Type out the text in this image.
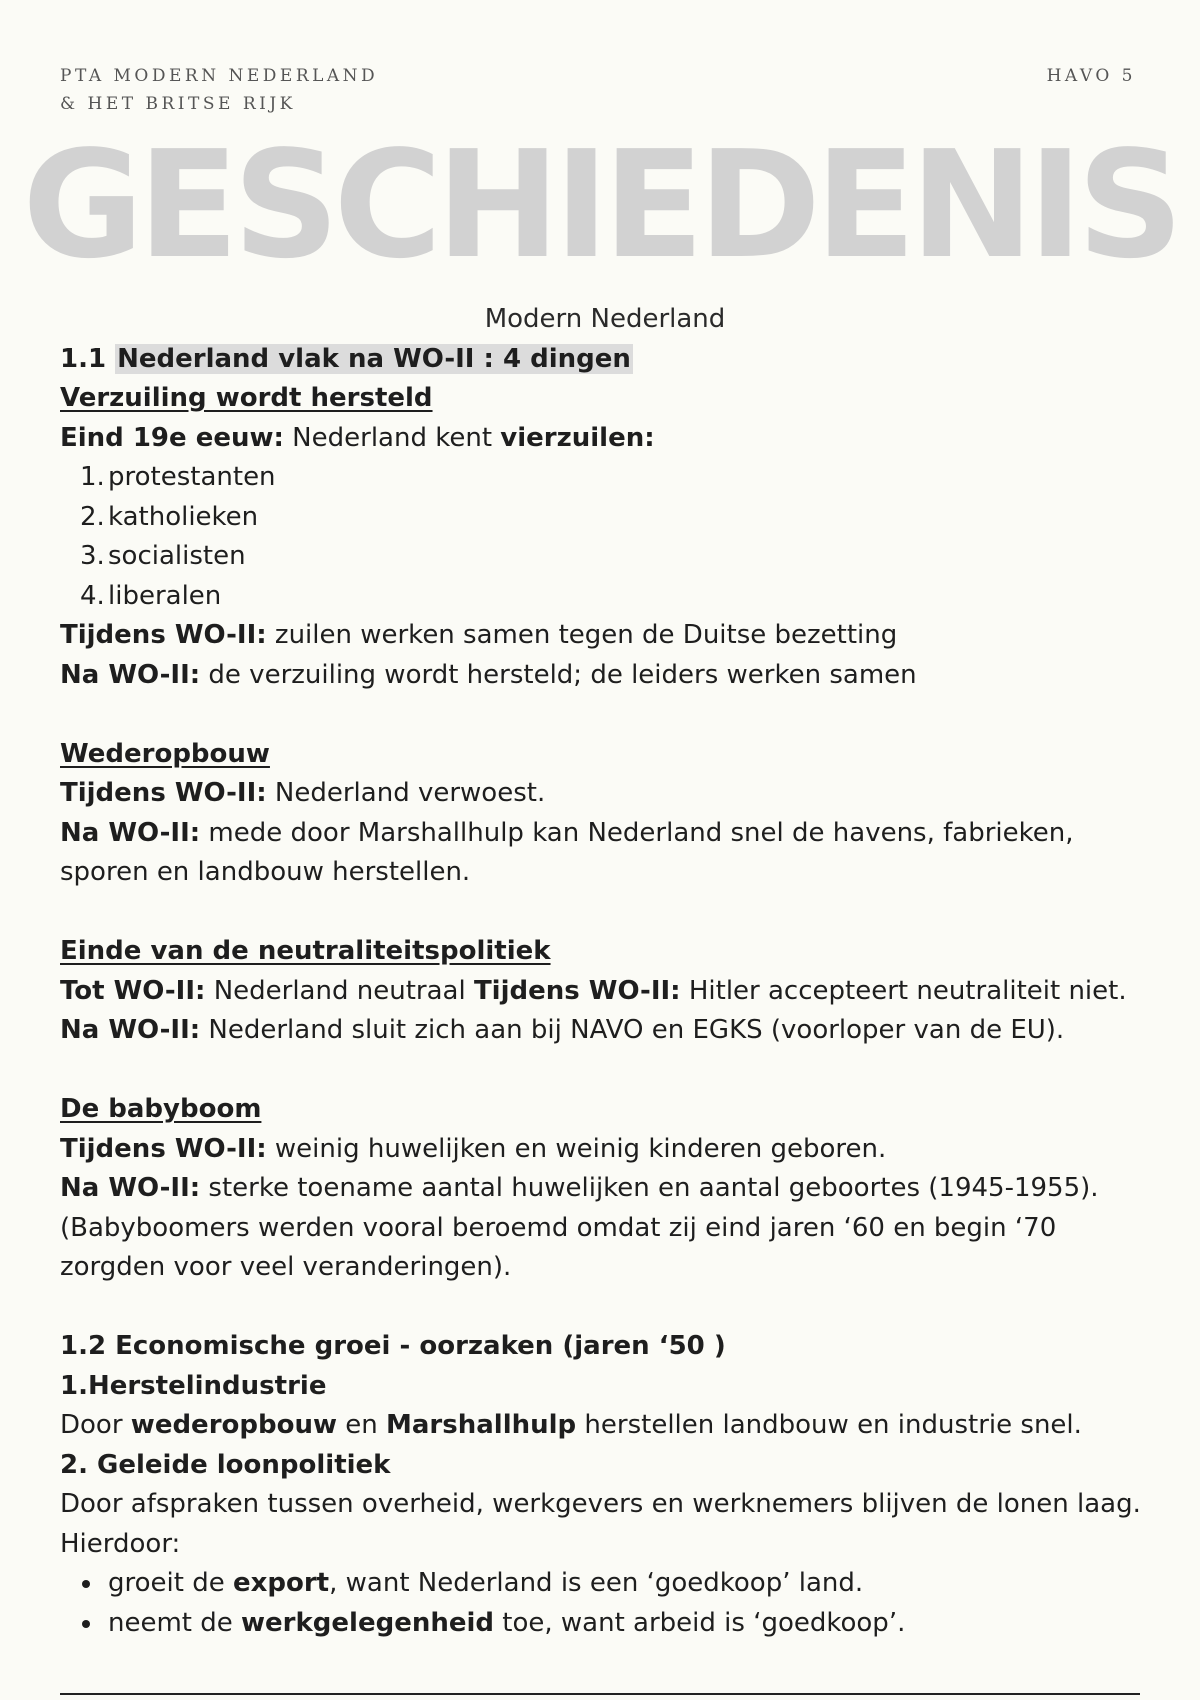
PTA MODERN NEDERLAND
& HET BRITSE RIJK
HAVO 5
GESCHIEDENIS

Modern Nederland

1.1 Nederland vlak na WO-II : 4 dingen

Verzuiling wordt hersteld

Eind 19e eeuw: Nederland kent vierzuilen:

1. protestanten
2. katholieken
3. socialisten
4. liberalen

Tijdens WO-II: zuilen werken samen tegen de Duitse bezetting

Na WO-II: de verzuiling wordt hersteld; de leiders werken samen

Wederopbouw

Tijdens WO-II: Nederland verwoest.

Na WO-II: mede door Marshallhulp kan Nederland snel de havens, fabrieken,

sporen en landbouw herstellen.

Einde van de neutraliteitspolitiek

Tot WO-II: Nederland neutraal Tijdens WO-II: Hitler accepteert neutraliteit niet.

Na WO-II: Nederland sluit zich aan bij NAVO en EGKS (voorloper van de EU).

De babyboom

Tijdens WO-II: weinig huwelijken en weinig kinderen geboren.

Na WO-II: sterke toename aantal huwelijken en aantal geboortes (1945-1955).

(Babyboomers werden vooral beroemd omdat zij eind jaren ‘60 en begin ‘70

zorgden voor veel veranderingen).

1.2 Economische groei - oorzaken (jaren ‘50 )

1.Herstelindustrie

Door wederopbouw en Marshallhulp herstellen landbouw en industrie snel.

2. Geleide loonpolitiek

Door afspraken tussen overheid, werkgevers en werknemers blijven de lonen laag.

Hierdoor:

groeit de export, want Nederland is een ‘goedkoop’ land.
neemt de werkgelegenheid toe, want arbeid is ‘goedkoop’.
